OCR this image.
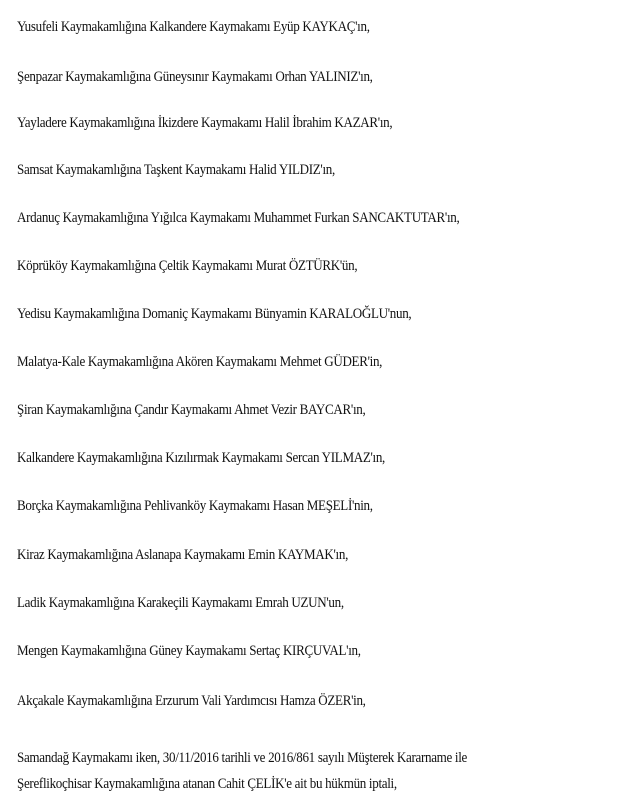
Yusufeli Kaymakamlığına Kalkandere Kaymakamı Eyüp KAYKAÇ'ın,

Şenpazar Kaymakamlığına Güneysınır Kaymakamı Orhan YALINIZ'ın,

Yayladere Kaymakamlığına İkizdere Kaymakamı Halil İbrahim KAZAR'ın,

Samsat Kaymakamlığına Taşkent Kaymakamı Halid YILDIZ'ın,

Ardanuç Kaymakamlığına Yığılca Kaymakamı Muhammet Furkan SANCAKTUTAR'ın,

Köprüköy Kaymakamlığına Çeltik Kaymakamı Murat ÖZTÜRK'ün,

Yedisu Kaymakamlığına Domaniç Kaymakamı Bünyamin KARALOĞLU'nun,

Malatya-Kale Kaymakamlığına Akören Kaymakamı Mehmet GÜDER'in,

Şiran Kaymakamlığına Çandır Kaymakamı Ahmet Vezir BAYCAR'ın,

Kalkandere Kaymakamlığına Kızılırmak Kaymakamı Sercan YILMAZ'ın,

Borçka Kaymakamlığına Pehlivanköy Kaymakamı Hasan MEŞELİ'nin,

Kiraz Kaymakamlığına Aslanapa Kaymakamı Emin KAYMAK'ın,

Ladik Kaymakamlığına Karakeçili Kaymakamı Emrah UZUN'un,

Mengen Kaymakamlığına Güney Kaymakamı Sertaç KIRÇUVAL'ın,

Akçakale Kaymakamlığına Erzurum Vali Yardımcısı Hamza ÖZER'in,

Samandağ Kaymakamı iken, 30/11/2016 tarihli ve 2016/861 sayılı Müşterek Kararname ile
Şereflikoçhisar Kaymakamlığına atanan Cahit ÇELİK'e ait bu hükmün iptali,
